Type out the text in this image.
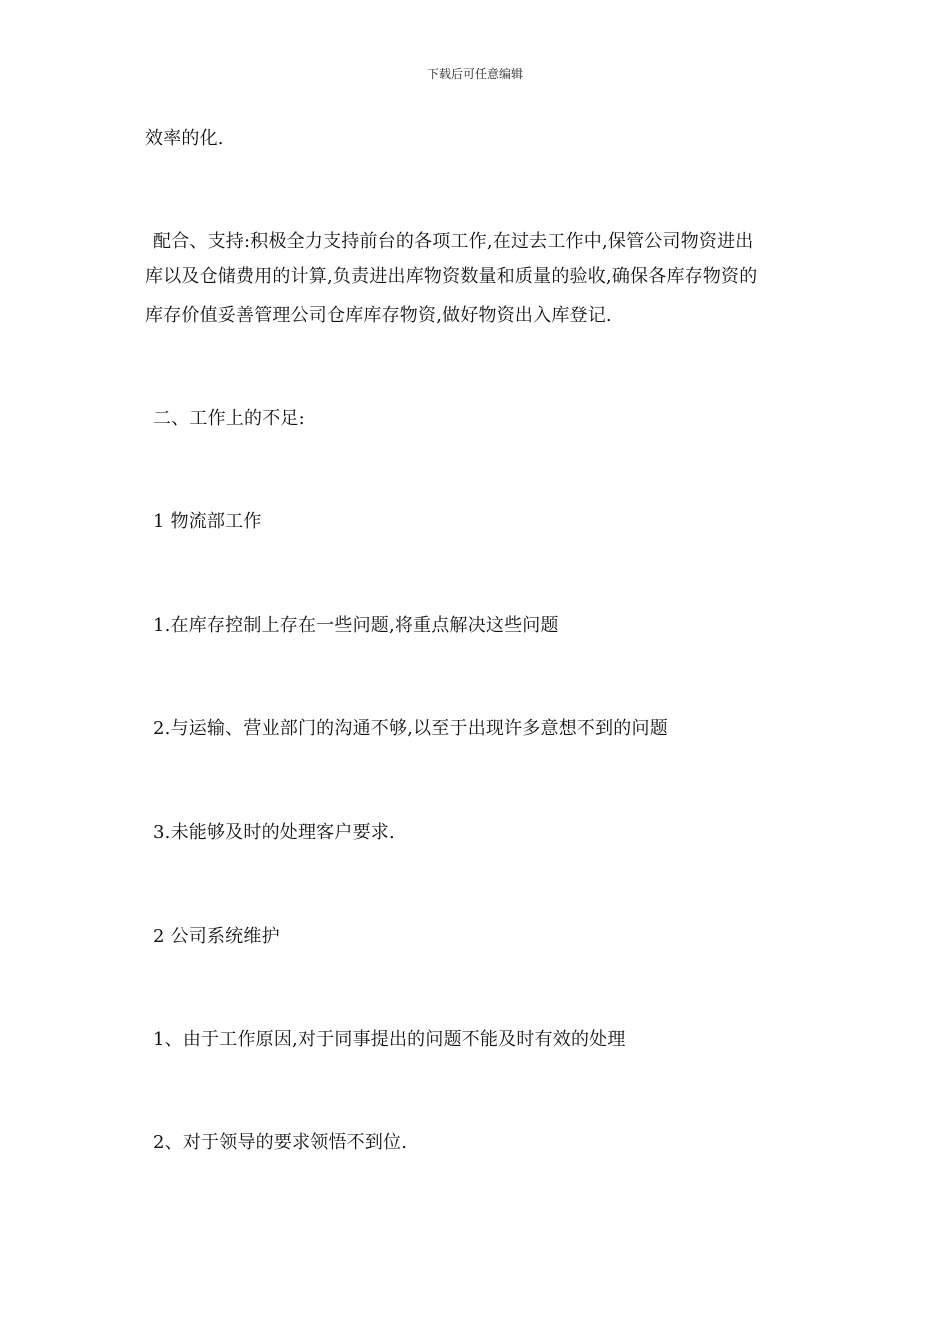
下载后可任意编辑
效率的化.
配合、支持:积极全力支持前台的各项工作,在过去工作中,保管公司物资进出
库以及仓储费用的计算,负责进出库物资数量和质量的验收,确保各库存物资的
库存价值妥善管理公司仓库库存物资,做好物资出入库登记.
二、工作上的不足:
1 物流部工作
1.在库存控制上存在一些问题,将重点解决这些问题
2.与运输、营业部门的沟通不够,以至于出现许多意想不到的问题
3.未能够及时的处理客户要求.
2 公司系统维护
1、由于工作原因,对于同事提出的问题不能及时有效的处理
2、对于领导的要求领悟不到位.
